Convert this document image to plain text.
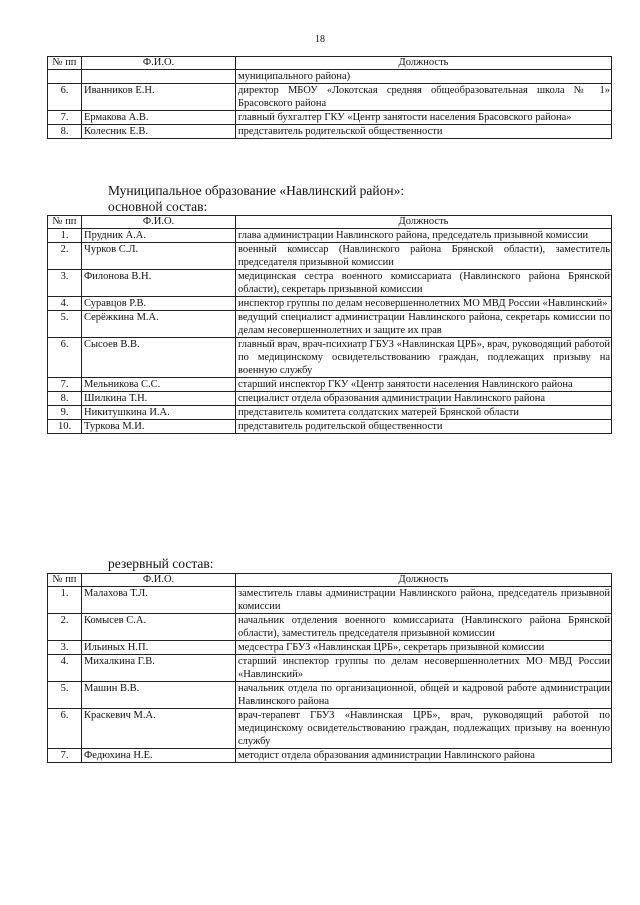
18
№ пп	Ф.И.О.	Должность
		муниципального района)
6.	Иванников Е.Н.	директор МБОУ «Локотская средняя общеобразовательная школа № 1» Брасовского района
7.	Ермакова А.В.	главный бухгалтер ГКУ «Центр занятости населения Брасовского района»
8.	Колесник Е.В.	представитель родительской общественности
Муниципальное образование «Навлинский район»:
основной состав:
№ пп	Ф.И.О.	Должность
1.	Прудник А.А.	глава администрации Навлинского района, председатель призывной комиссии
2.	Чурков С.Л.	военный комиссар (Навлинского района Брянской области), заместитель председателя призывной комиссии
3.	Филонова В.Н.	медицинская сестра военного комиссариата (Навлинского района Брянской области), секретарь призывной комиссии
4.	Суравцов Р.В.	инспектор группы по делам несовершеннолетних МО МВД России «Навлинский»
5.	Серёжкина М.А.	ведущий специалист администрации Навлинского района, секретарь комиссии по делам несовершеннолетних и защите их прав
6.	Сысоев В.В.	главный врач, врач-психиатр ГБУЗ «Навлинская ЦРБ», врач, руководящий работой по медицинскому освидетельствованию граждан, подлежащих призыву на военную службу
7.	Мельникова С.С.	старший инспектор ГКУ «Центр занятости населения Навлинского района
8.	Шилкина Т.Н.	специалист отдела образования администрации Навлинского района
9.	Никитушкина И.А.	представитель комитета солдатских матерей Брянской области
10.	Туркова М.И.	представитель родительской общественности
резервный состав:
№ пп	Ф.И.О.	Должность
1.	Малахова Т.Л.	заместитель главы администрации Навлинского района, председатель призывной комиссии
2.	Комысев С.А.	начальник отделения военного комиссариата (Навлинского района Брянской области), заместитель председателя призывной комиссии
3.	Ильиных Н.П.	медсестра ГБУЗ «Навлинская ЦРБ», секретарь призывной комиссии
4.	Михалкина Г.В.	старший инспектор группы по делам несовершеннолетних МО МВД России «Навлинский»
5.	Машин В.В.	начальник отдела по организационной, общей и кадровой работе администрации Навлинского района
6.	Краскевич М.А.	врач-терапевт ГБУЗ «Навлинская ЦРБ», врач, руководящий работой по медицинскому освидетельствованию граждан, подлежащих призыву на военную службу
7.	Федюхина Н.Е.	методист отдела образования администрации Навлинского района
